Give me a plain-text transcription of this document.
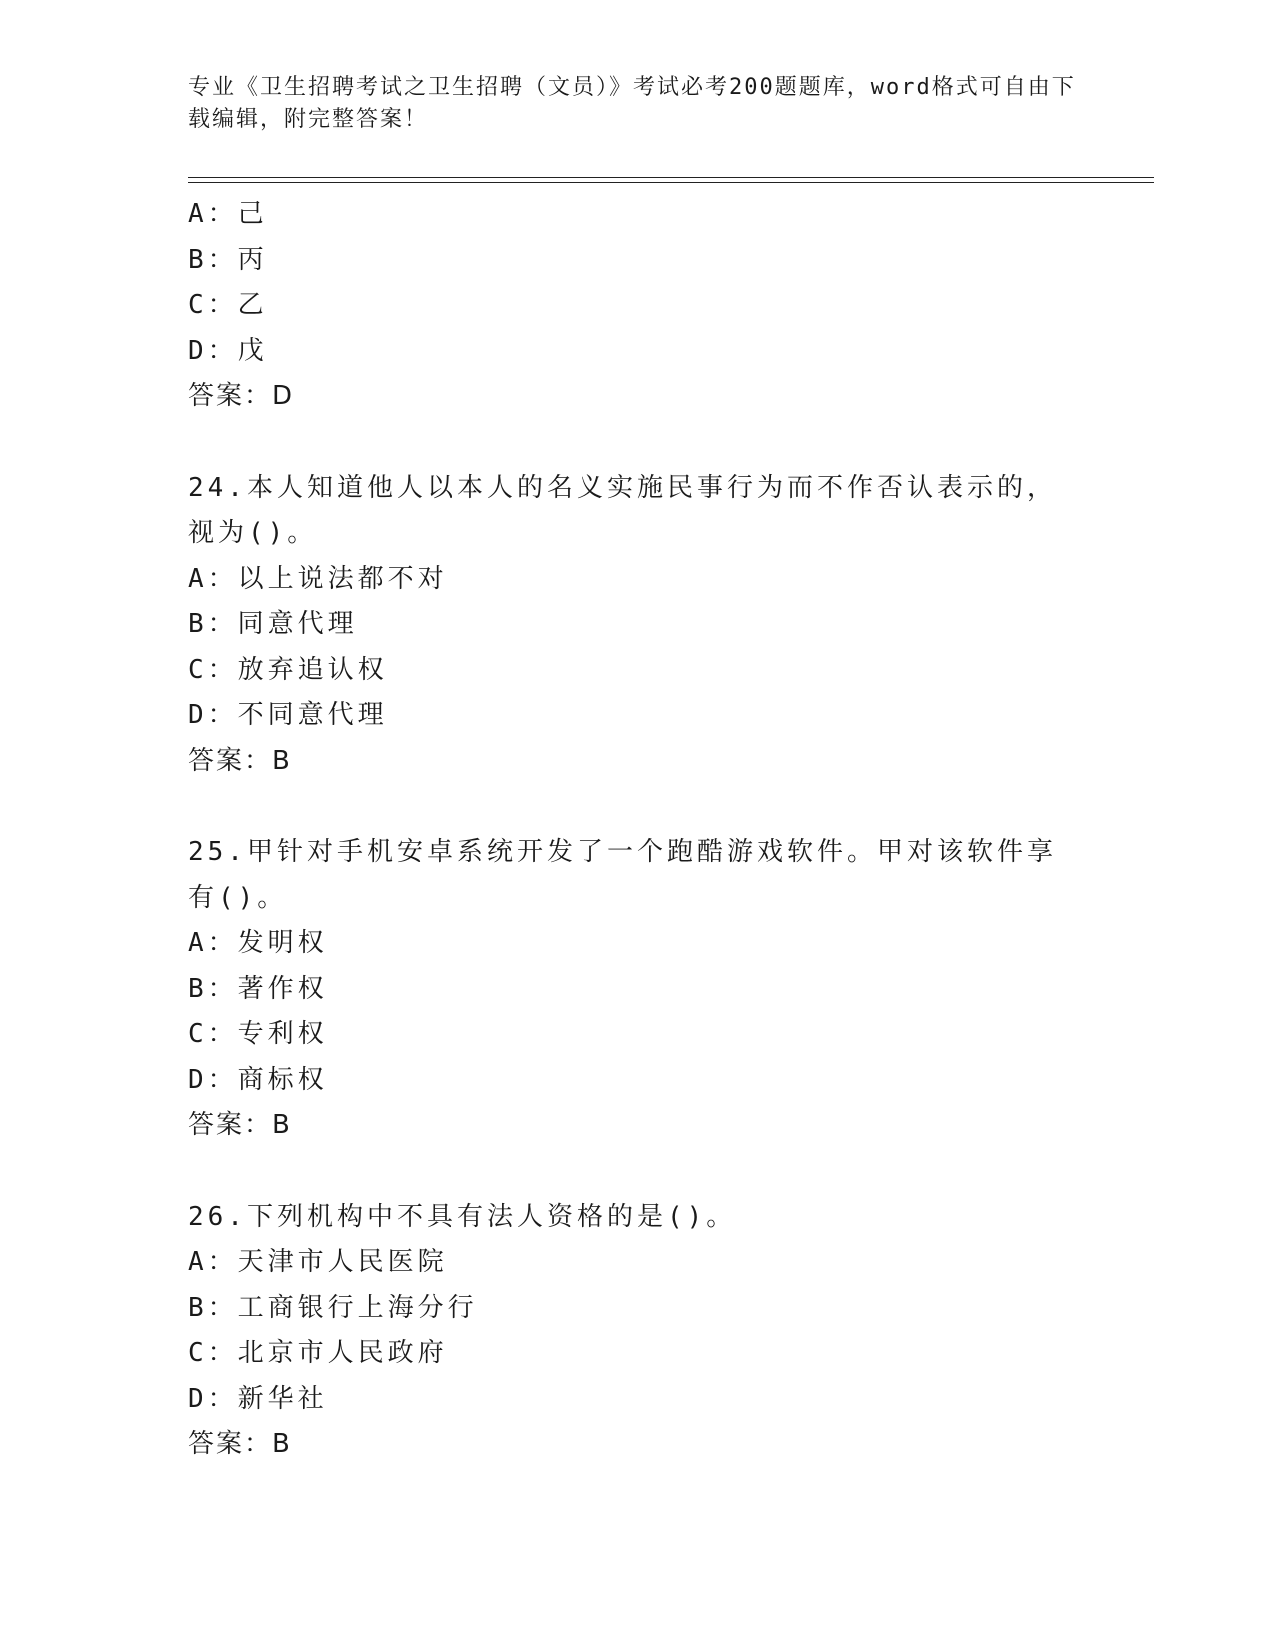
专业《卫生招聘考试之卫生招聘（文员）》考试必考200题题库，word格式可自由下载编辑，附完整答案！
A：己
B：丙
C：乙
D：戊
答案：D
24.本人知道他人以本人的名义实施民事行为而不作否认表示的，视为()。
A：以上说法都不对
B：同意代理
C：放弃追认权
D：不同意代理
答案：B
25.甲针对手机安卓系统开发了一个跑酷游戏软件。甲对该软件享有()。
A：发明权
B：著作权
C：专利权
D：商标权
答案：B
26.下列机构中不具有法人资格的是()。
A：天津市人民医院
B：工商银行上海分行
C：北京市人民政府
D：新华社
答案：B
